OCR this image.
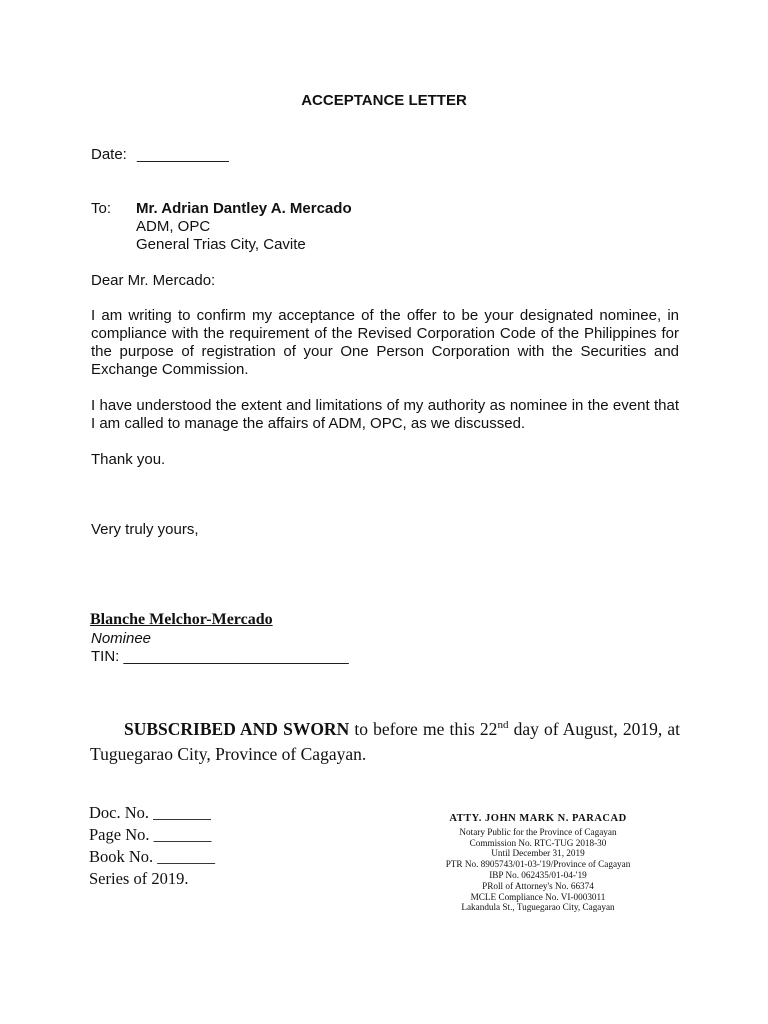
ACCEPTANCE LETTER
Date: ___________
To: Mr. Adrian Dantley A. Mercado
ADM, OPC
General Trias City, Cavite
Dear Mr. Mercado:
I am writing to confirm my acceptance of the offer to be your designated nominee, in compliance with the requirement of the Revised Corporation Code of the Philippines for the purpose of registration of your One Person Corporation with the Securities and Exchange Commission.
I have understood the extent and limitations of my authority as nominee in the event that I am called to manage the affairs of ADM, OPC, as we discussed.
Thank you.
Very truly yours,
Blanche Melchor-Mercado
Nominee
TIN: ___________________________
SUBSCRIBED AND SWORN to before me this 22nd day of August, 2019, at Tuguegarao City, Province of Cagayan.
Doc. No. _______
Page No. _______
Book No. _______
Series of 2019.
ATTY. JOHN MARK N. PARACAD
Notary Public for the Province of Cagayan
Commission No. RTC-TUG 2018-30
Until December 31, 2019
PTR No. 8905743/01-03-'19/Province of Cagayan
IBP No. 062435/01-04-'19
PRoll of Attorney's No. 66374
MCLE Compliance No. VI-0003011
Lakandula St., Tuguegarao City, Cagayan
